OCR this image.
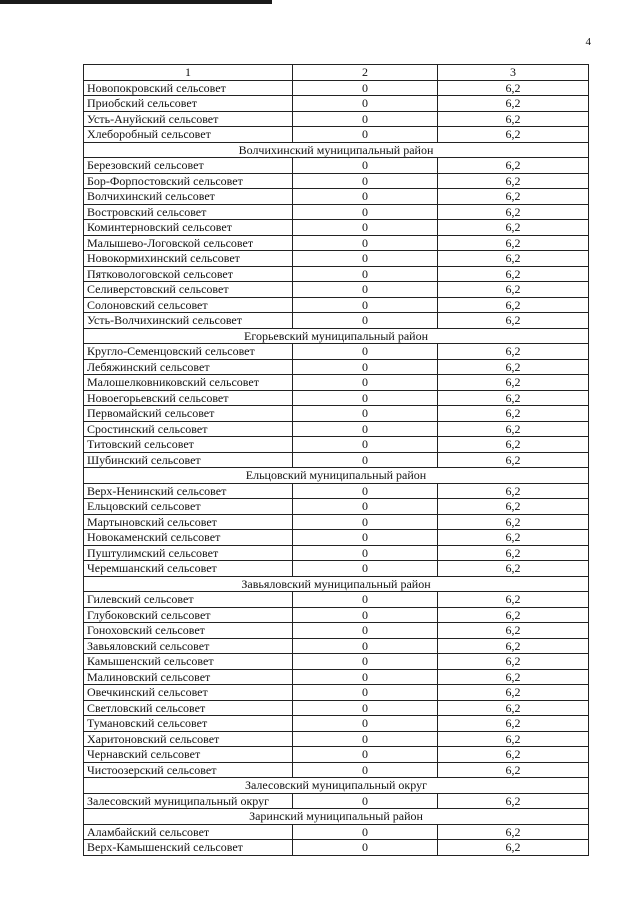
4
1	2	3
Новопокровский сельсовет	0	6,2
Приобский сельсовет	0	6,2
Усть-Ануйский сельсовет	0	6,2
Хлеборобный сельсовет	0	6,2
Волчихинский муниципальный район		
Березовский сельсовет	0	6,2
Бор-Форпостовский сельсовет	0	6,2
Волчихинский сельсовет	0	6,2
Востровский сельсовет	0	6,2
Коминтерновский сельсовет	0	6,2
Малышево-Логовской сельсовет	0	6,2
Новокормихинский сельсовет	0	6,2
Пятковологовской сельсовет	0	6,2
Селиверстовский сельсовет	0	6,2
Солоновский сельсовет	0	6,2
Усть-Волчихинский сельсовет	0	6,2
Егорьевский муниципальный район		
Кругло-Семенцовский сельсовет	0	6,2
Лебяжинский сельсовет	0	6,2
Малошелковниковский сельсовет	0	6,2
Новоегорьевский сельсовет	0	6,2
Первомайский сельсовет	0	6,2
Сростинский сельсовет	0	6,2
Титовский сельсовет	0	6,2
Шубинский сельсовет	0	6,2
Ельцовский муниципальный район		
Верх-Ненинский сельсовет	0	6,2
Ельцовский сельсовет	0	6,2
Мартыновский сельсовет	0	6,2
Новокаменский сельсовет	0	6,2
Пуштулимский сельсовет	0	6,2
Черемшанский сельсовет	0	6,2
Завьяловский муниципальный район		
Гилевский сельсовет	0	6,2
Глубоковский сельсовет	0	6,2
Гоноховский сельсовет	0	6,2
Завьяловский сельсовет	0	6,2
Камышенский сельсовет	0	6,2
Малиновский сельсовет	0	6,2
Овечкинский сельсовет	0	6,2
Светловский сельсовет	0	6,2
Тумановский сельсовет	0	6,2
Харитоновский сельсовет	0	6,2
Чернавский сельсовет	0	6,2
Чистоозерский сельсовет	0	6,2
Залесовский муниципальный округ		
Залесовский муниципальный округ	0	6,2
Заринский муниципальный район		
Аламбайский сельсовет	0	6,2
Верх-Камышенский сельсовет	0	6,2
